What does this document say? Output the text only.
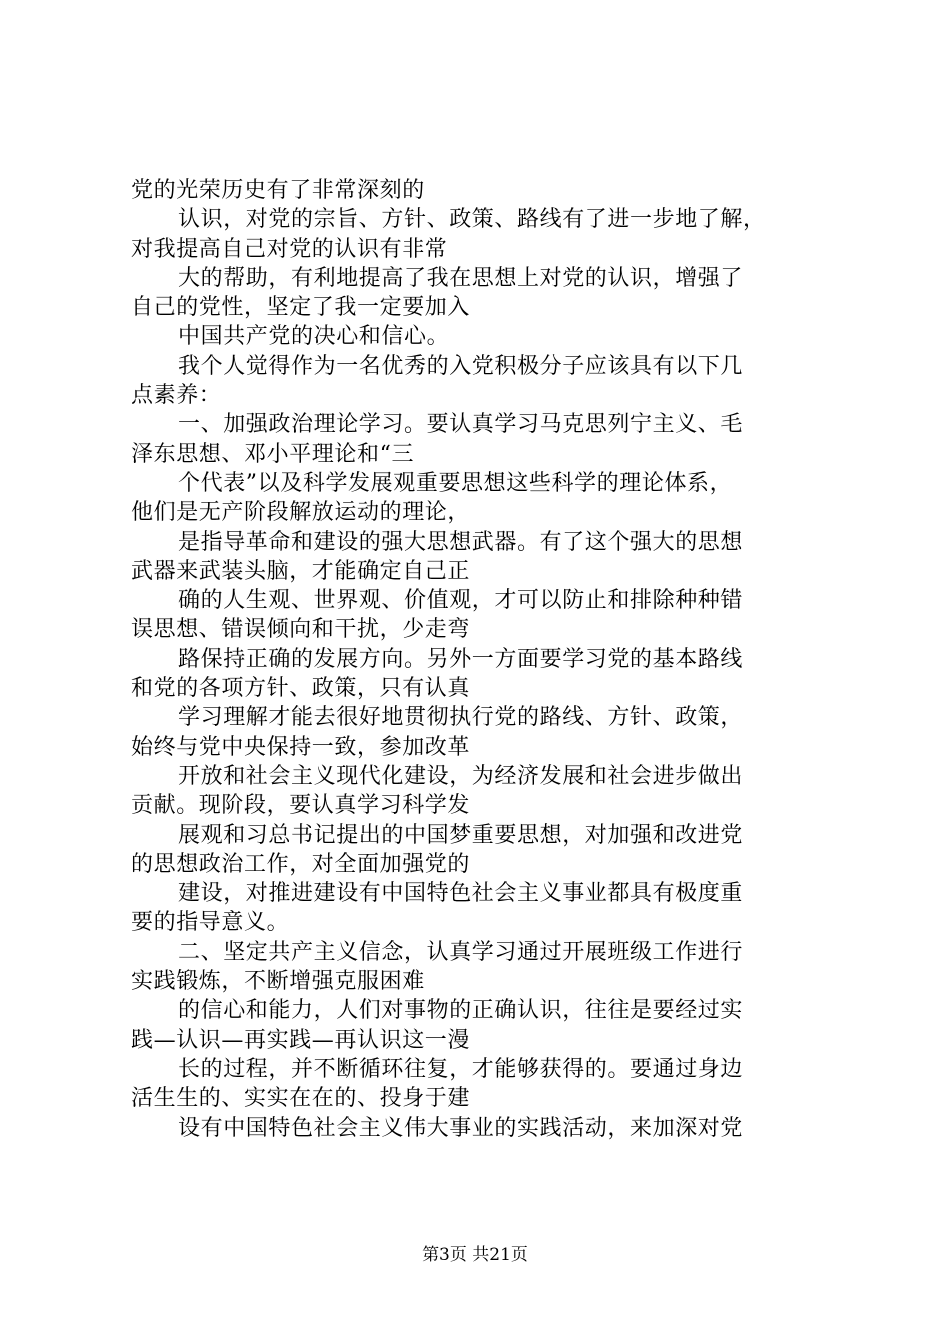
党的光荣历史有了非常深刻的
认识，对党的宗旨、方针、政策、路线有了进一步地了解，
对我提高自己对党的认识有非常
大的帮助，有利地提高了我在思想上对党的认识，增强了
自己的党性，坚定了我一定要加入
中国共产党的决心和信心。
我个人觉得作为一名优秀的入党积极分子应该具有以下几
点素养：
一、加强政治理论学习。要认真学习马克思列宁主义、毛
泽东思想、邓小平理论和“三
个代表”以及科学发展观重要思想这些科学的理论体系，
他们是无产阶段解放运动的理论，
是指导革命和建设的强大思想武器。有了这个强大的思想
武器来武装头脑，才能确定自己正
确的人生观、世界观、价值观，才可以防止和排除种种错
误思想、错误倾向和干扰，少走弯
路保持正确的发展方向。另外一方面要学习党的基本路线
和党的各项方针、政策，只有认真
学习理解才能去很好地贯彻执行党的路线、方针、政策，
始终与党中央保持一致，参加改革
开放和社会主义现代化建设，为经济发展和社会进步做出
贡献。现阶段，要认真学习科学发
展观和习总书记提出的中国梦重要思想，对加强和改进党
的思想政治工作，对全面加强党的
建设，对推进建设有中国特色社会主义事业都具有极度重
要的指导意义。
二、坚定共产主义信念，认真学习通过开展班级工作进行
实践锻炼，不断增强克服困难
的信心和能力，人们对事物的正确认识，往往是要经过实
践—认识—再实践—再认识这一漫
长的过程，并不断循环往复，才能够获得的。要通过身边
活生生的、实实在在的、投身于建
设有中国特色社会主义伟大事业的实践活动，来加深对党
第3页 共21页
